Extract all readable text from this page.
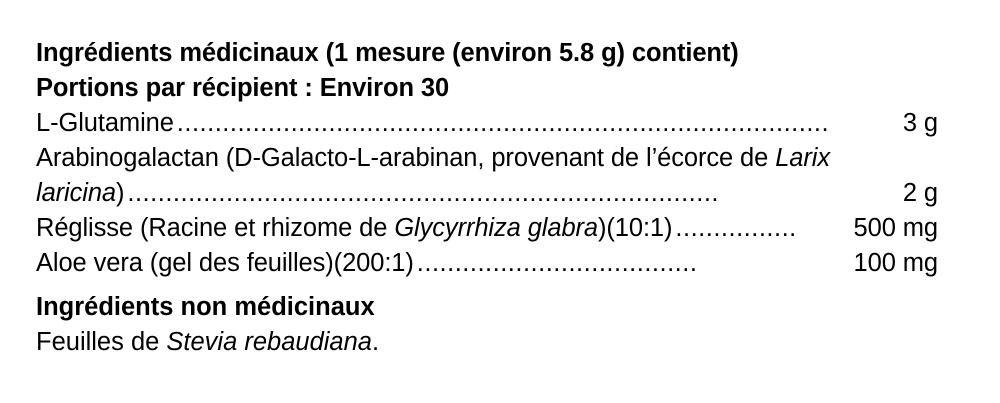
Ingrédients médicinaux (1 mesure (environ 5.8 g) contient)
Portions par récipient : Environ 30
L-Glutamine ......................................................................................	3 g
Arabinogalactan (D-Galacto-L-arabinan, provenant de l’écorce de Larix
laricina) ..............................................................................	2 g
Réglisse (Racine et rhizome de Glycyrrhiza glabra)(10:1) ................	500 mg
Aloe vera (gel des feuilles)(200:1) .....................................	100 mg
Ingrédients non médicinaux
Feuilles de Stevia rebaudiana.
